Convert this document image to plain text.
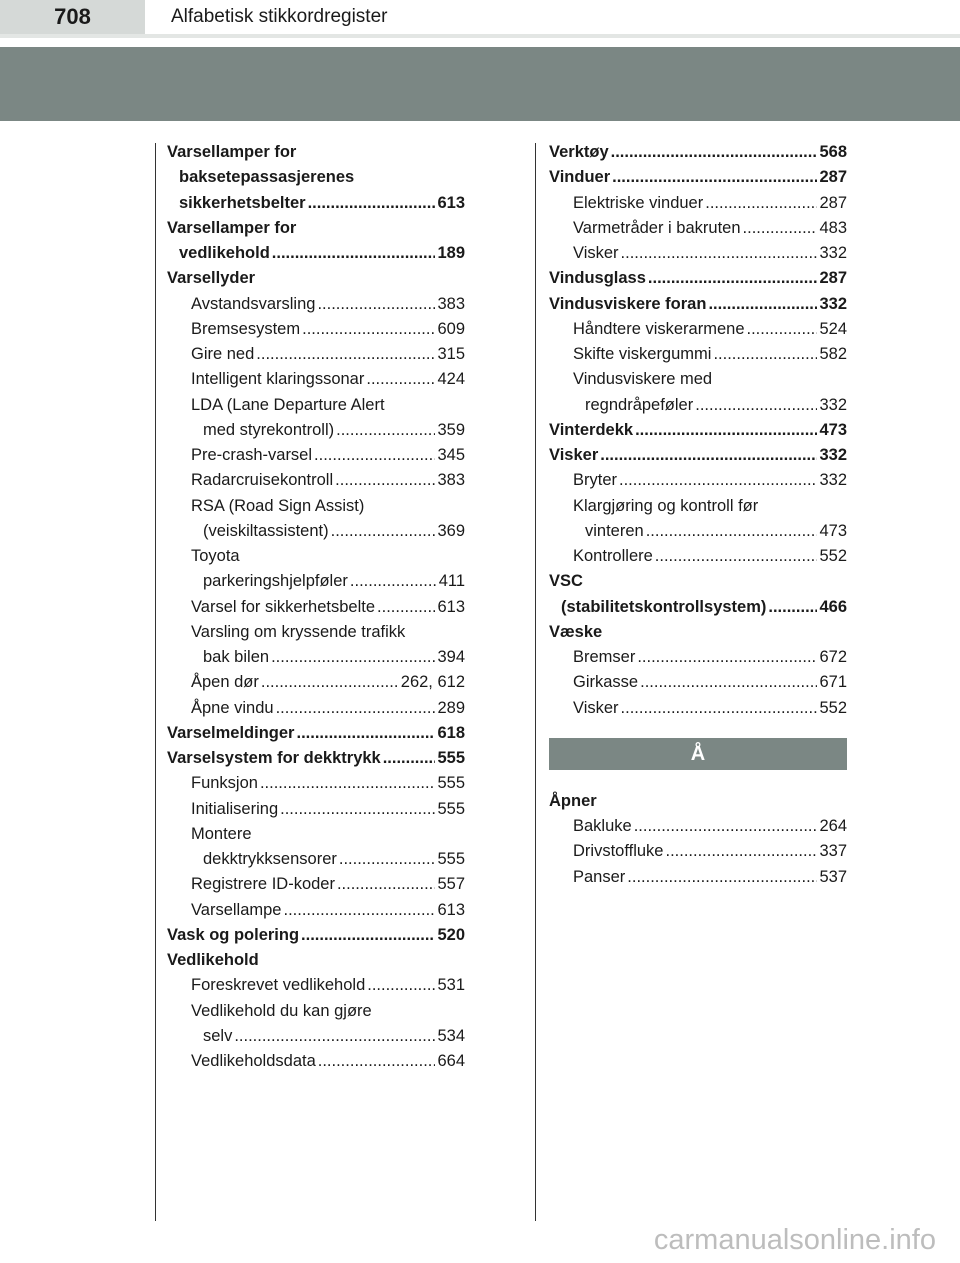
708	Alfabetisk stikkordregister
Varsellamper for
baksetepassasjerenes
sikkerhetsbelter .....	613
Varsellamper for
vedlikehold .....	189
Varsellyder
Avstandsvarsling .....	383
Bremsesystem .....	609
Gire ned .....	315
Intelligent klaringssonar .....	424
LDA (Lane Departure Alert
med styrekontroll) .....	359
Pre-crash-varsel .....	345
Radarcruisekontroll .....	383
RSA (Road Sign Assist)
(veiskiltassistent) .....	369
Toyota
parkeringshjelpføler .....	411
Varsel for sikkerhetsbelte .....	613
Varsling om kryssende trafikk
bak bilen .....	394
Åpen dør .....	262, 612
Åpne vindu .....	289
Varselmeldinger .....	618
Varselsystem for dekktrykk .....	555
Funksjon .....	555
Initialisering .....	555
Montere
dekktrykksensorer .....	555
Registrere ID-koder .....	557
Varsellampe .....	613
Vask og polering .....	520
Vedlikehold
Foreskrevet vedlikehold .....	531
Vedlikehold du kan gjøre
selv .....	534
Vedlikeholdsdata .....	664
Verktøy .....	568
Vinduer .....	287
Elektriske vinduer .....	287
Varmetråder i bakruten .....	483
Visker .....	332
Vindusglass .....	287
Vindusviskere foran .....	332
Håndtere viskerarmene .....	524
Skifte viskergummi .....	582
Vindusviskere med
regndråpeføler .....	332
Vinterdekk .....	473
Visker .....	332
Bryter .....	332
Klargjøring og kontroll før
vinteren .....	473
Kontrollere .....	552
VSC
(stabilitetskontrollsystem) .....	466
Væske
Bremser .....	672
Girkasse .....	671
Visker .....	552
Å
Åpner
Bakluke .....	264
Drivstoffluke .....	337
Panser .....	537
carmanualsonline.info
